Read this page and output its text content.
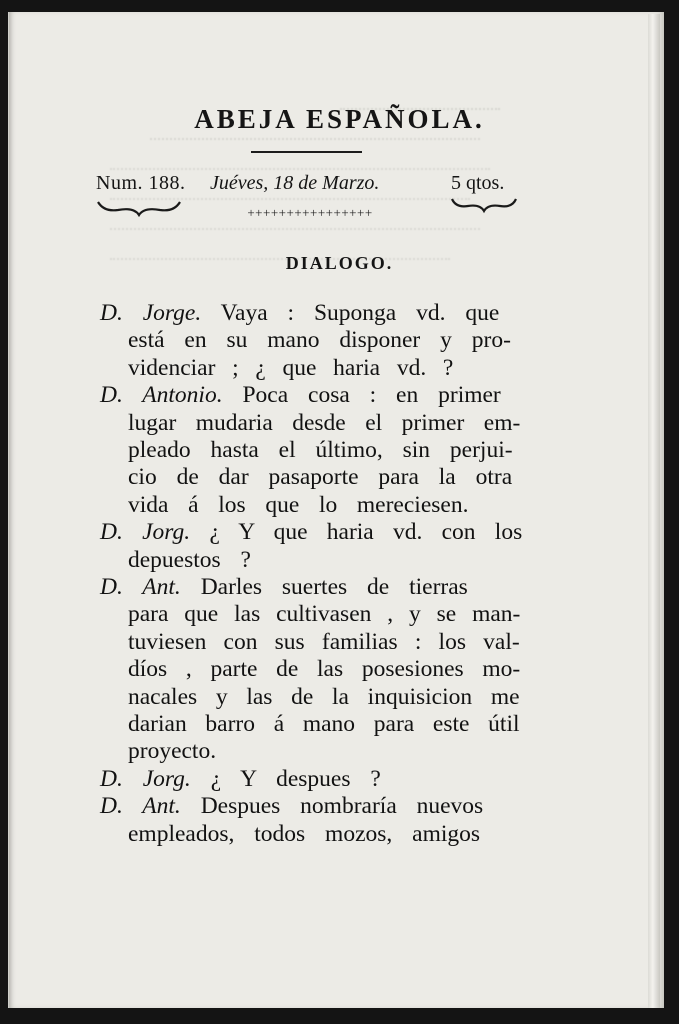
ABEJA ESPAÑOLA.
Num. 188. Juéves, 18 de Marzo.	5 qtos.
++++++++++++++++
DIALOGO.
D. Jorge. Vaya : Suponga vd. que
está en su mano disponer y pro-
videnciar ; ¿ que haria vd. ?
D. Antonio. Poca cosa : en primer
lugar mudaria desde el primer em-
pleado hasta el último, sin perjui-
cio de dar pasaporte para la otra
vida á los que lo mereciesen.
D. Jorg. ¿ Y que haria vd. con los
depuestos ?
D. Ant. Darles suertes de tierras
para que las cultivasen , y se man-
tuviesen con sus familias : los val-
díos , parte de las posesiones mo-
nacales y las de la inquisicion me
darian barro á mano para este útil
proyecto.
D. Jorg. ¿ Y despues ?
D. Ant. Despues nombraría nuevos
empleados, todos mozos, amigos
